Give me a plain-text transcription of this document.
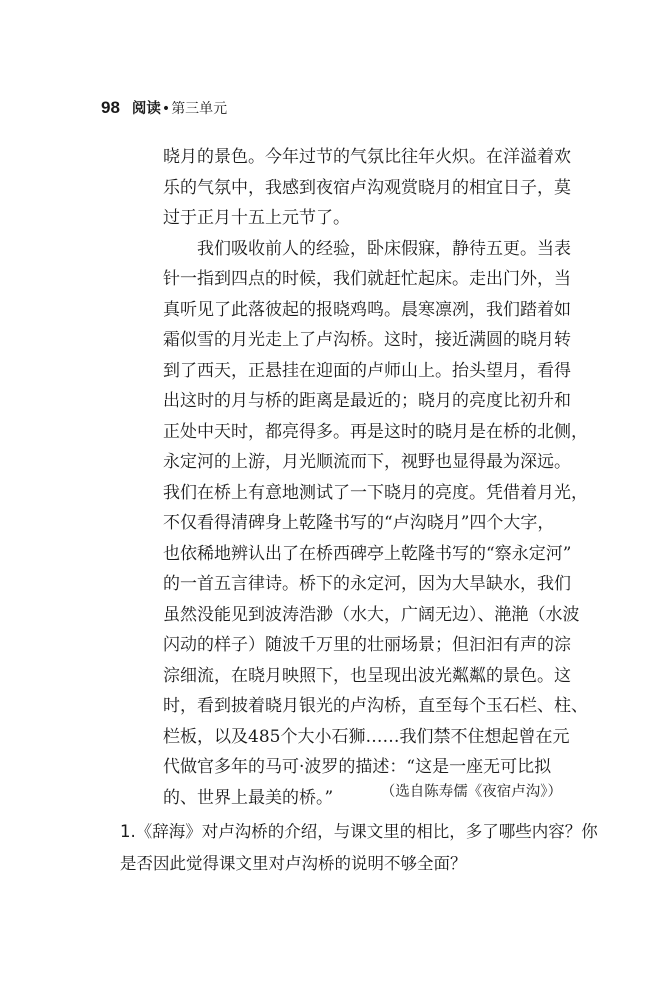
98 阅读 • 第三单元
晓月的景色。今年过节的气氛比往年火炽。在洋溢着欢
乐的气氛中，我感到夜宿卢沟观赏晓月的相宜日子，莫
过于正月十五上元节了。
我们吸收前人的经验，卧床假寐，静待五更。当表
针一指到四点的时候，我们就赶忙起床。走出门外，当
真听见了此落彼起的报晓鸡鸣。晨寒凛冽，我们踏着如
霜似雪的月光走上了卢沟桥。这时，接近满圆的晓月转
到了西天，正悬挂在迎面的卢师山上。抬头望月，看得
出这时的月与桥的距离是最近的；晓月的亮度比初升和
正处中天时，都亮得多。再是这时的晓月是在桥的北侧，
永定河的上游，月光顺流而下，视野也显得最为深远。
我们在桥上有意地测试了一下晓月的亮度。凭借着月光，
不仅看得清碑身上乾隆书写的“卢沟晓月”四个大字，
也依稀地辨认出了在桥西碑亭上乾隆书写的“察永定河”
的一首五言律诗。桥下的永定河，因为大旱缺水，我们
虽然没能见到波涛浩渺（水大，广阔无边）、滟滟（水波
闪动的样子）随波千万里的壮丽场景；但汩汩有声的淙
淙细流，在晓月映照下，也呈现出波光粼粼的景色。这
时，看到披着晓月银光的卢沟桥，直至每个玉石栏、柱、
栏板，以及485个大小石狮……我们禁不住想起曾在元
代做官多年的马可·波罗的描述：“这是一座无可比拟
的、世界上最美的桥。”	（选自陈寿儒《夜宿卢沟》）
1.《辞海》对卢沟桥的介绍，与课文里的相比，多了哪些内容？你
是否因此觉得课文里对卢沟桥的说明不够全面？
